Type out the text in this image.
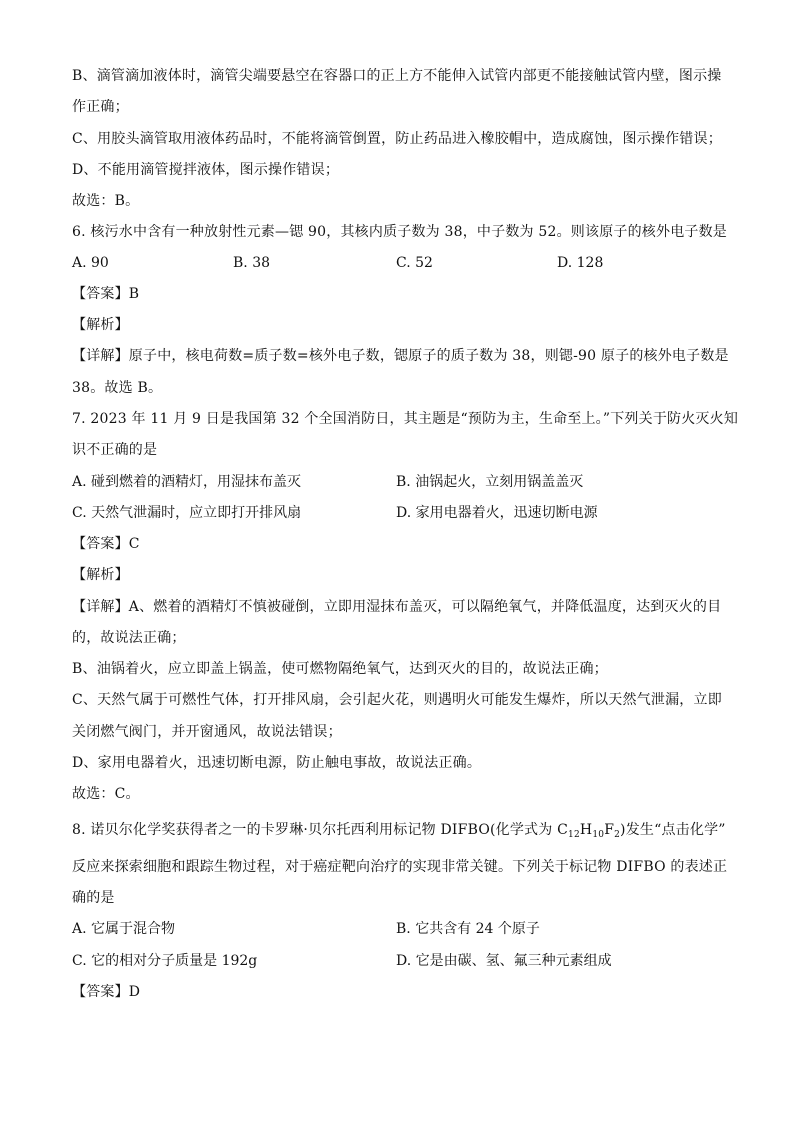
B、滴管滴加液体时，滴管尖端要悬空在容器口的正上方不能伸入试管内部更不能接触试管内壁，图示操
作正确；
C、用胶头滴管取用液体药品时，不能将滴管倒置，防止药品进入橡胶帽中，造成腐蚀，图示操作错误；
D、不能用滴管搅拌液体，图示操作错误；
故选：B。
6. 核污水中含有一种放射性元素—锶 90，其核内质子数为 38，中子数为 52。则该原子的核外电子数是
A. 90	B. 38	C. 52	D. 128
【答案】B
【解析】
【详解】原子中，核电荷数=质子数=核外电子数，锶原子的质子数为 38，则锶-90 原子的核外电子数是
38。故选 B。
7. 2023 年 11 月 9 日是我国第 32 个全国消防日，其主题是“预防为主，生命至上。”下列关于防火灭火知
识不正确的是
A. 碰到燃着的酒精灯，用湿抹布盖灭	B. 油锅起火，立刻用锅盖盖灭
C. 天然气泄漏时，应立即打开排风扇	D. 家用电器着火，迅速切断电源
【答案】C
【解析】
【详解】A、燃着的酒精灯不慎被碰倒，立即用湿抹布盖灭，可以隔绝氧气，并降低温度，达到灭火的目
的，故说法正确；
B、油锅着火，应立即盖上锅盖，使可燃物隔绝氧气，达到灭火的目的，故说法正确；
C、天然气属于可燃性气体，打开排风扇，会引起火花，则遇明火可能发生爆炸，所以天然气泄漏，立即
关闭燃气阀门，并开窗通风，故说法错误；
D、家用电器着火，迅速切断电源，防止触电事故，故说法正确。
故选：C。
8. 诺贝尔化学奖获得者之一的卡罗琳·贝尔托西利用标记物 DIFBO(化学式为 $C_{12}H_{10}F_2$)发生“点击化学”
反应来探索细胞和跟踪生物过程，对于癌症靶向治疗的实现非常关键。下列关于标记物 DIFBO 的表述正
确的是
A. 它属于混合物	B. 它共含有 24 个原子
C. 它的相对分子质量是 192g	D. 它是由碳、氢、氟三种元素组成
【答案】D
